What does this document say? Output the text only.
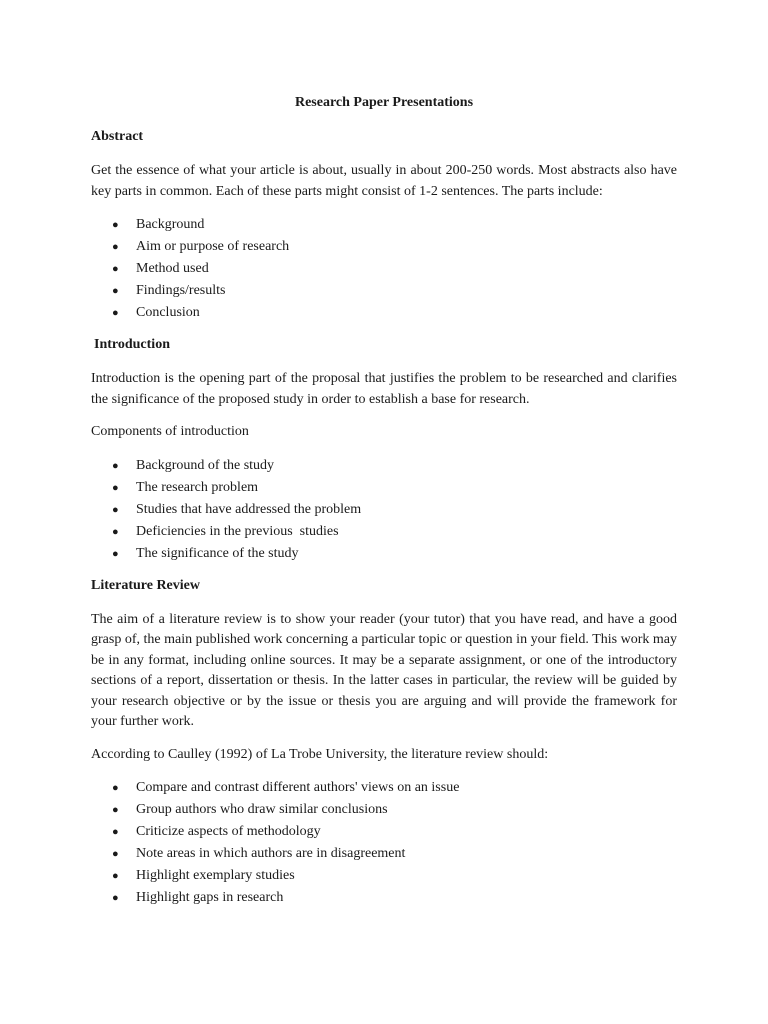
Research Paper Presentations
Abstract
Get the essence of what your article is about, usually in about 200-250 words. Most abstracts also have key parts in common. Each of these parts might consist of 1-2 sentences. The parts include:
● Background
● Aim or purpose of research
● Method used
● Findings/results
● Conclusion
Introduction
Introduction is the opening part of the proposal that justifies the problem to be researched and clarifies the significance of the proposed study in order to establish a base for research.
Components of introduction
● Background of the study
● The research problem
● Studies that have addressed the problem
● Deficiencies in the previous  studies
● The significance of the study
Literature Review
The aim of a literature review is to show your reader (your tutor) that you have read, and have a good grasp of, the main published work concerning a particular topic or question in your field. This work may be in any format, including online sources. It may be a separate assignment, or one of the introductory sections of a report, dissertation or thesis. In the latter cases in particular, the review will be guided by your research objective or by the issue or thesis you are arguing and will provide the framework for your further work.
According to Caulley (1992) of La Trobe University, the literature review should:
● Compare and contrast different authors' views on an issue
● Group authors who draw similar conclusions
● Criticize aspects of methodology
● Note areas in which authors are in disagreement
● Highlight exemplary studies
● Highlight gaps in research
